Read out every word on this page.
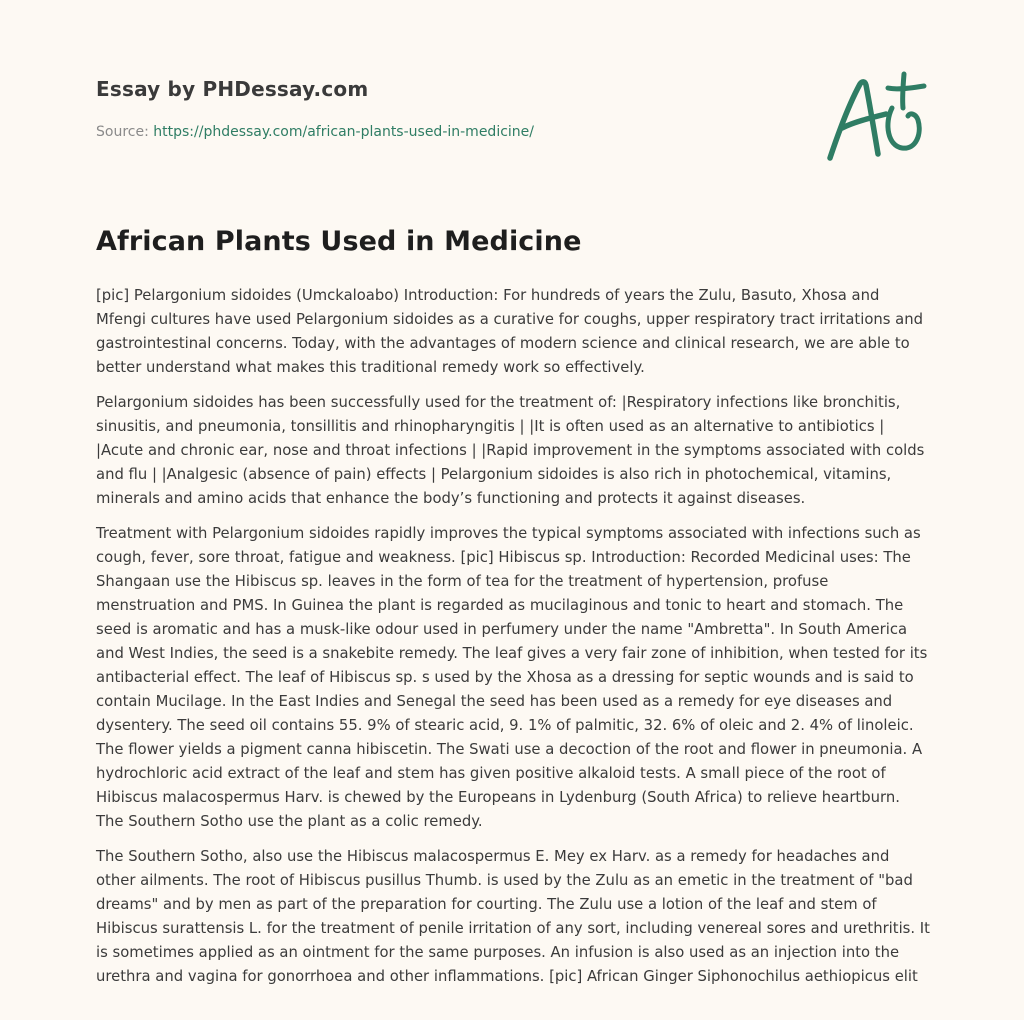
Essay by PHDessay.com
Source: https://phdessay.com/african-plants-used-in-medicine/
African Plants Used in Medicine

[pic] Pelargonium sidoides (Umckaloabo) Introduction: For hundreds of years the Zulu, Basuto, Xhosa and Mfengi cultures have used Pelargonium sidoides as a curative for coughs, upper respiratory tract irritations and gastrointestinal concerns. Today, with the advantages of modern science and clinical research, we are able to better understand what makes this traditional remedy work so effectively.

Pelargonium sidoides has been successfully used for the treatment of: |Respiratory infections like bronchitis, sinusitis, and pneumonia, tonsillitis and rhinopharyngitis | |It is often used as an alternative to antibiotics | |Acute and chronic ear, nose and throat infections | |Rapid improvement in the symptoms associated with colds and flu | |Analgesic (absence of pain) effects | Pelargonium sidoides is also rich in photochemical, vitamins, minerals and amino acids that enhance the body’s functioning and protects it against diseases.

Treatment with Pelargonium sidoides rapidly improves the typical symptoms associated with infections such as cough, fever, sore throat, fatigue and weakness. [pic] Hibiscus sp. Introduction: Recorded Medicinal uses: The Shangaan use the Hibiscus sp. leaves in the form of tea for the treatment of hypertension, profuse menstruation and PMS. In Guinea the plant is regarded as mucilaginous and tonic to heart and stomach. The seed is aromatic and has a musk-like odour used in perfumery under the name "Ambretta". In South America and West Indies, the seed is a snakebite remedy. The leaf gives a very fair zone of inhibition, when tested for its antibacterial effect. The leaf of Hibiscus sp. s used by the Xhosa as a dressing for septic wounds and is said to contain Mucilage. In the East Indies and Senegal the seed has been used as a remedy for eye diseases and dysentery. The seed oil contains 55. 9% of stearic acid, 9. 1% of palmitic, 32. 6% of oleic and 2. 4% of linoleic. The flower yields a pigment canna hibiscetin. The Swati use a decoction of the root and flower in pneumonia. A hydrochloric acid extract of the leaf and stem has given positive alkaloid tests. A small piece of the root of Hibiscus malacospermus Harv. is chewed by the Europeans in Lydenburg (South Africa) to relieve heartburn. The Southern Sotho use the plant as a colic remedy.

The Southern Sotho, also use the Hibiscus malacospermus E. Mey ex Harv. as a remedy for headaches and other ailments. The root of Hibiscus pusillus Thumb. is used by the Zulu as an emetic in the treatment of "bad dreams" and by men as part of the preparation for courting. The Zulu use a lotion of the leaf and stem of Hibiscus surattensis L. for the treatment of penile irritation of any sort, including venereal sores and urethritis. It is sometimes applied as an ointment for the same purposes. An infusion is also used as an injection into the urethra and vagina for gonorrhoea and other inflammations. [pic] African Ginger Siphonochilus aethiopicus elit
